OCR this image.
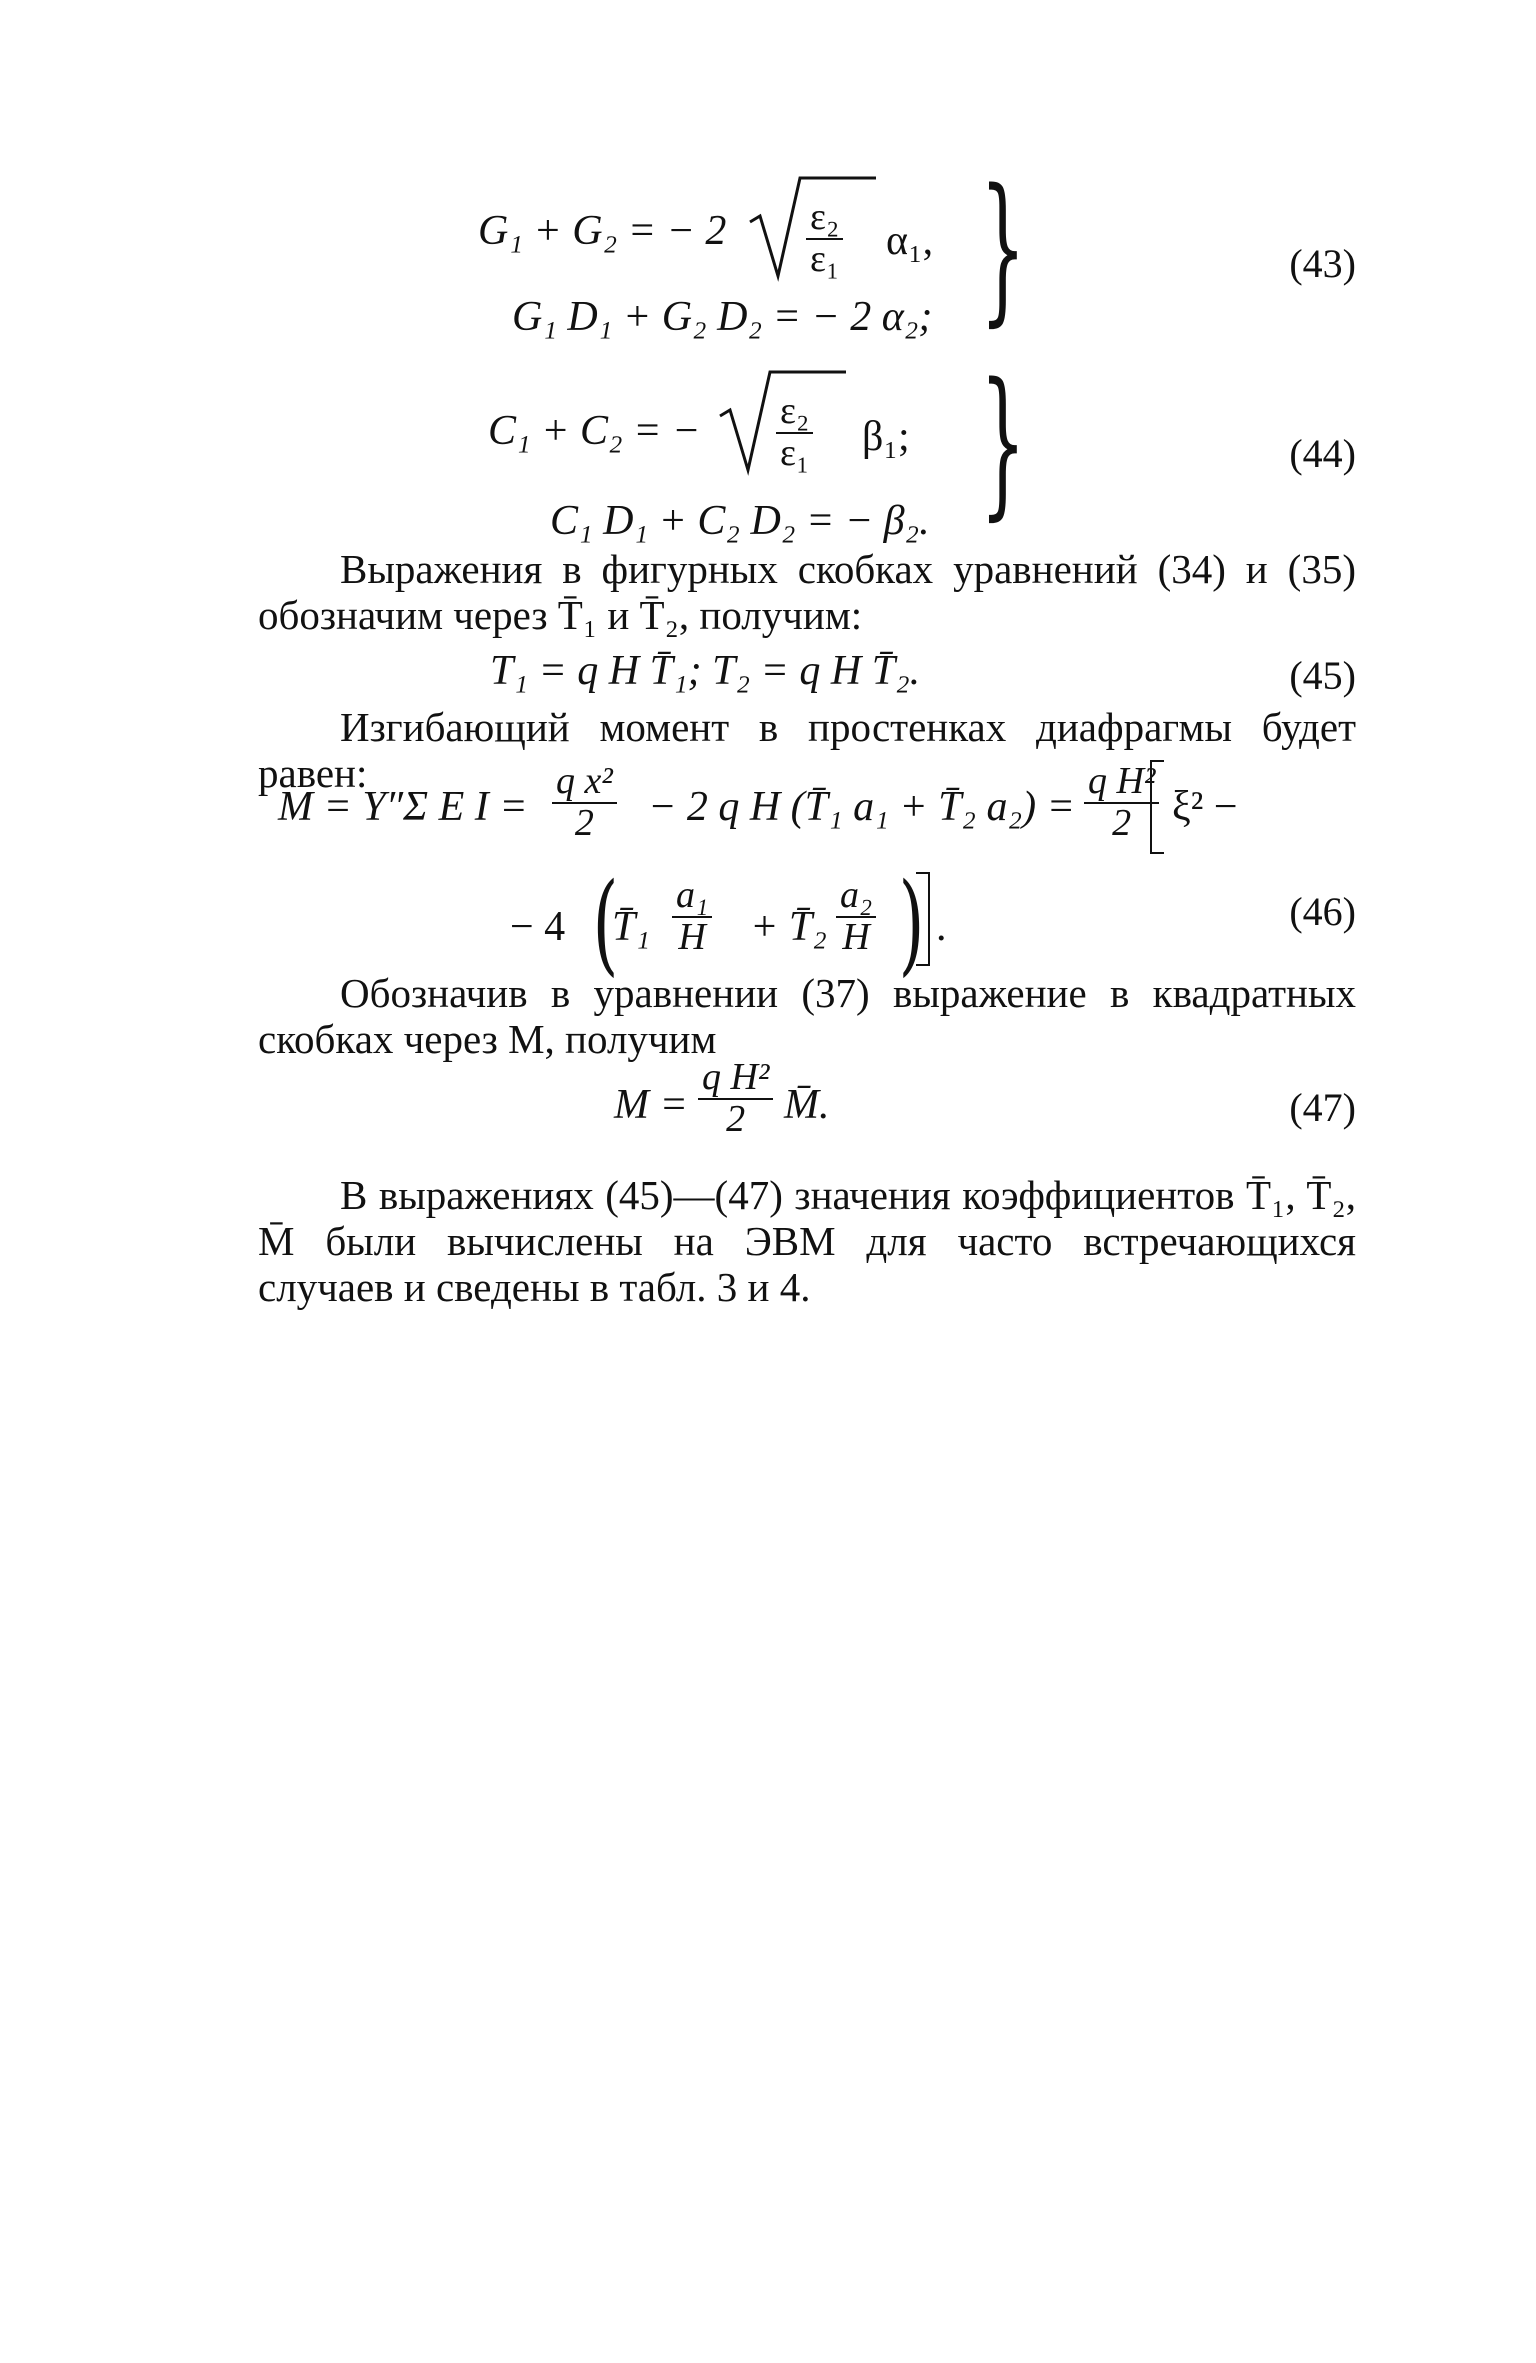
G₁ + G₂ = − $2 \frac{\text{ε₂}}{\text{ε₁}} \alpha_1$,
G₁ D₁ + G₂ D₂ = − 2 α₂; }	(43)
C₁ + C₂ = − $\frac{\text{ε₂}}{\text{ε₁}} \beta_1$;
C₁ D₁ + C₂ D₂ = − β₂. }	(44)
Выражения в фигурных скобках уравнений (34) и (35) обозначим через T̄₁ и T̄₂, получим:
T₁ = q H T̄₁; T₂ = q H T̄₂.	(45)
Изгибающий момент в простенках диафрагмы будет равен:
M = Y″Σ E $I = \frac{\text{q x²}}{2} - 2$ q H (T̄₁ a₁ + T̄₂ $a_2) = \frac{\text{q H²}}{2} \xi^2$ −
− 4 (
T̄₁ $\frac{\text{a₁}}{H}$ + T̄₂ $\frac{\text{a₂}}{H}$ ) .	(46)
Обозначив в уравнении (37) выражение в квадратных скобках через M, получим
$M = \frac{\text{q H²}}{2}$ M̄.	(47)
В выражениях (45)—(47) значения коэффициентов T̄₁, T̄₂, M̄ были вычислены на ЭВМ для часто встречающихся случаев и сведены в табл. 3 и 4.
